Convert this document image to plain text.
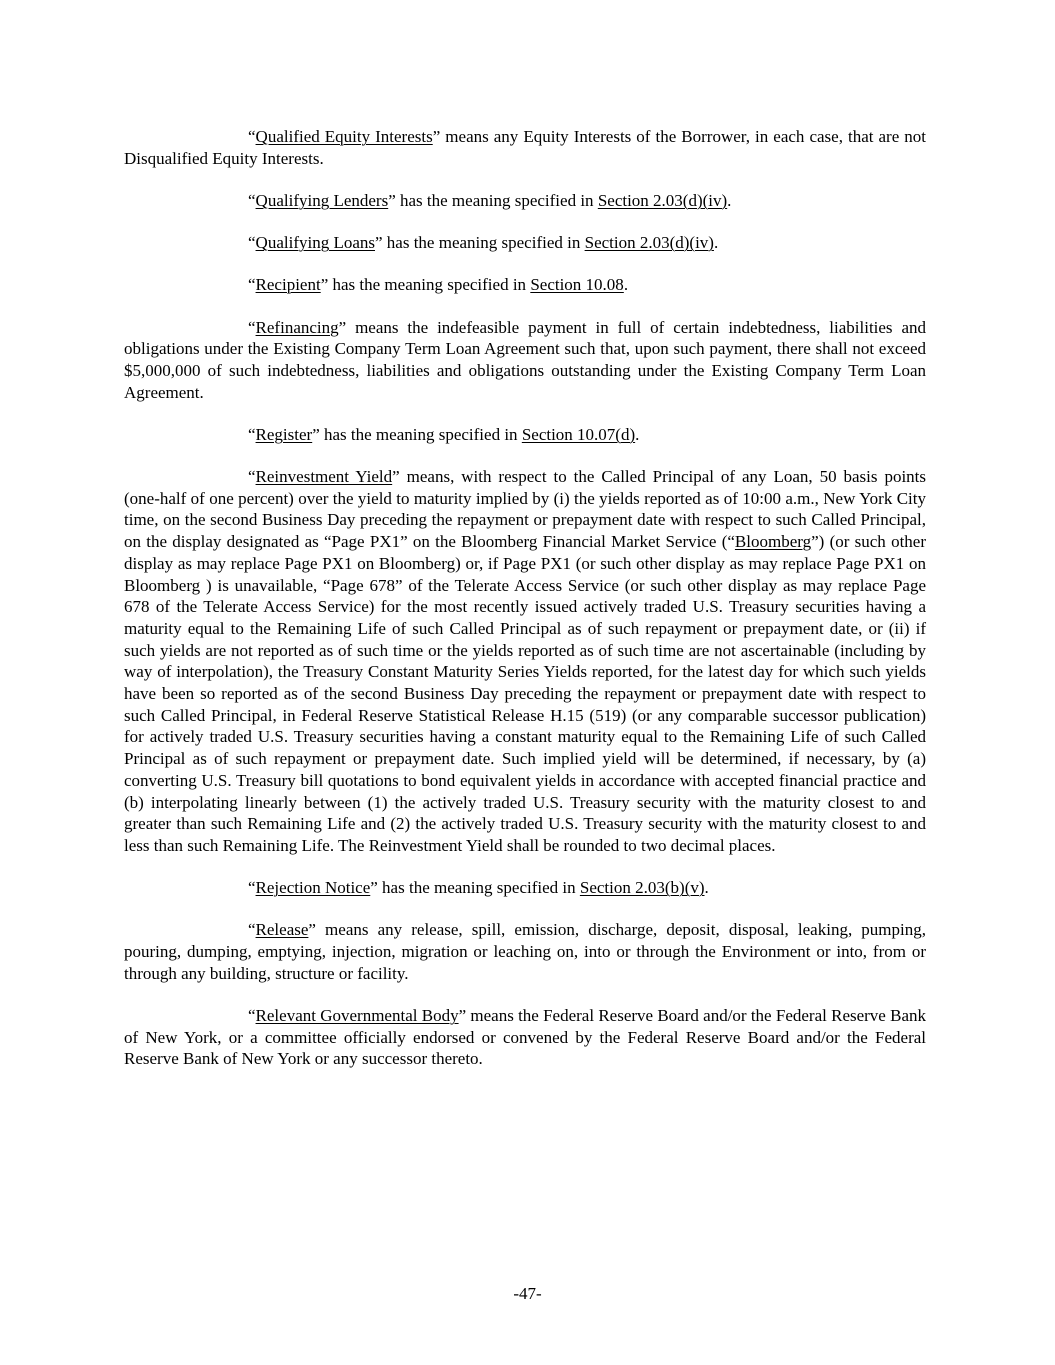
“Qualified Equity Interests” means any Equity Interests of the Borrower, in each case, that are not Disqualified Equity Interests.

“Qualifying Lenders” has the meaning specified in Section 2.03(d)(iv).

“Qualifying Loans” has the meaning specified in Section 2.03(d)(iv).

“Recipient” has the meaning specified in Section 10.08.

“Refinancing” means the indefeasible payment in full of certain indebtedness, liabilities and obligations under the Existing Company Term Loan Agreement such that, upon such payment, there shall not exceed $5,000,000 of such indebtedness, liabilities and obligations outstanding under the Existing Company Term Loan Agreement.

“Register” has the meaning specified in Section 10.07(d).

“Reinvestment Yield” means, with respect to the Called Principal of any Loan, 50 basis points (one-half of one percent) over the yield to maturity implied by (i) the yields reported as of 10:00 a.m., New York City time, on the second Business Day preceding the repayment or prepayment date with respect to such Called Principal, on the display designated as “Page PX1” on the Bloomberg Financial Market Service (“Bloomberg”) (or such other display as may replace Page PX1 on Bloomberg) or, if Page PX1 (or such other display as may replace Page PX1 on Bloomberg ) is unavailable, “Page 678” of the Telerate Access Service (or such other display as may replace Page 678 of the Telerate Access Service) for the most recently issued actively traded U.S. Treasury securities having a maturity equal to the Remaining Life of such Called Principal as of such repayment or prepayment date, or (ii) if such yields are not reported as of such time or the yields reported as of such time are not ascertainable (including by way of interpolation), the Treasury Constant Maturity Series Yields reported, for the latest day for which such yields have been so reported as of the second Business Day preceding the repayment or prepayment date with respect to such Called Principal, in Federal Reserve Statistical Release H.15 (519) (or any comparable successor publication) for actively traded U.S. Treasury securities having a constant maturity equal to the Remaining Life of such Called Principal as of such repayment or prepayment date. Such implied yield will be determined, if necessary, by (a) converting U.S. Treasury bill quotations to bond equivalent yields in accordance with accepted financial practice and (b) interpolating linearly between (1) the actively traded U.S. Treasury security with the maturity closest to and greater than such Remaining Life and (2) the actively traded U.S. Treasury security with the maturity closest to and less than such Remaining Life. The Reinvestment Yield shall be rounded to two decimal places.

“Rejection Notice” has the meaning specified in Section 2.03(b)(v).

“Release” means any release, spill, emission, discharge, deposit, disposal, leaking, pumping, pouring, dumping, emptying, injection, migration or leaching on, into or through the Environment or into, from or through any building, structure or facility.

“Relevant Governmental Body” means the Federal Reserve Board and/or the Federal Reserve Bank of New York, or a committee officially endorsed or convened by the Federal Reserve Board and/or the Federal Reserve Bank of New York or any successor thereto.

-47-
